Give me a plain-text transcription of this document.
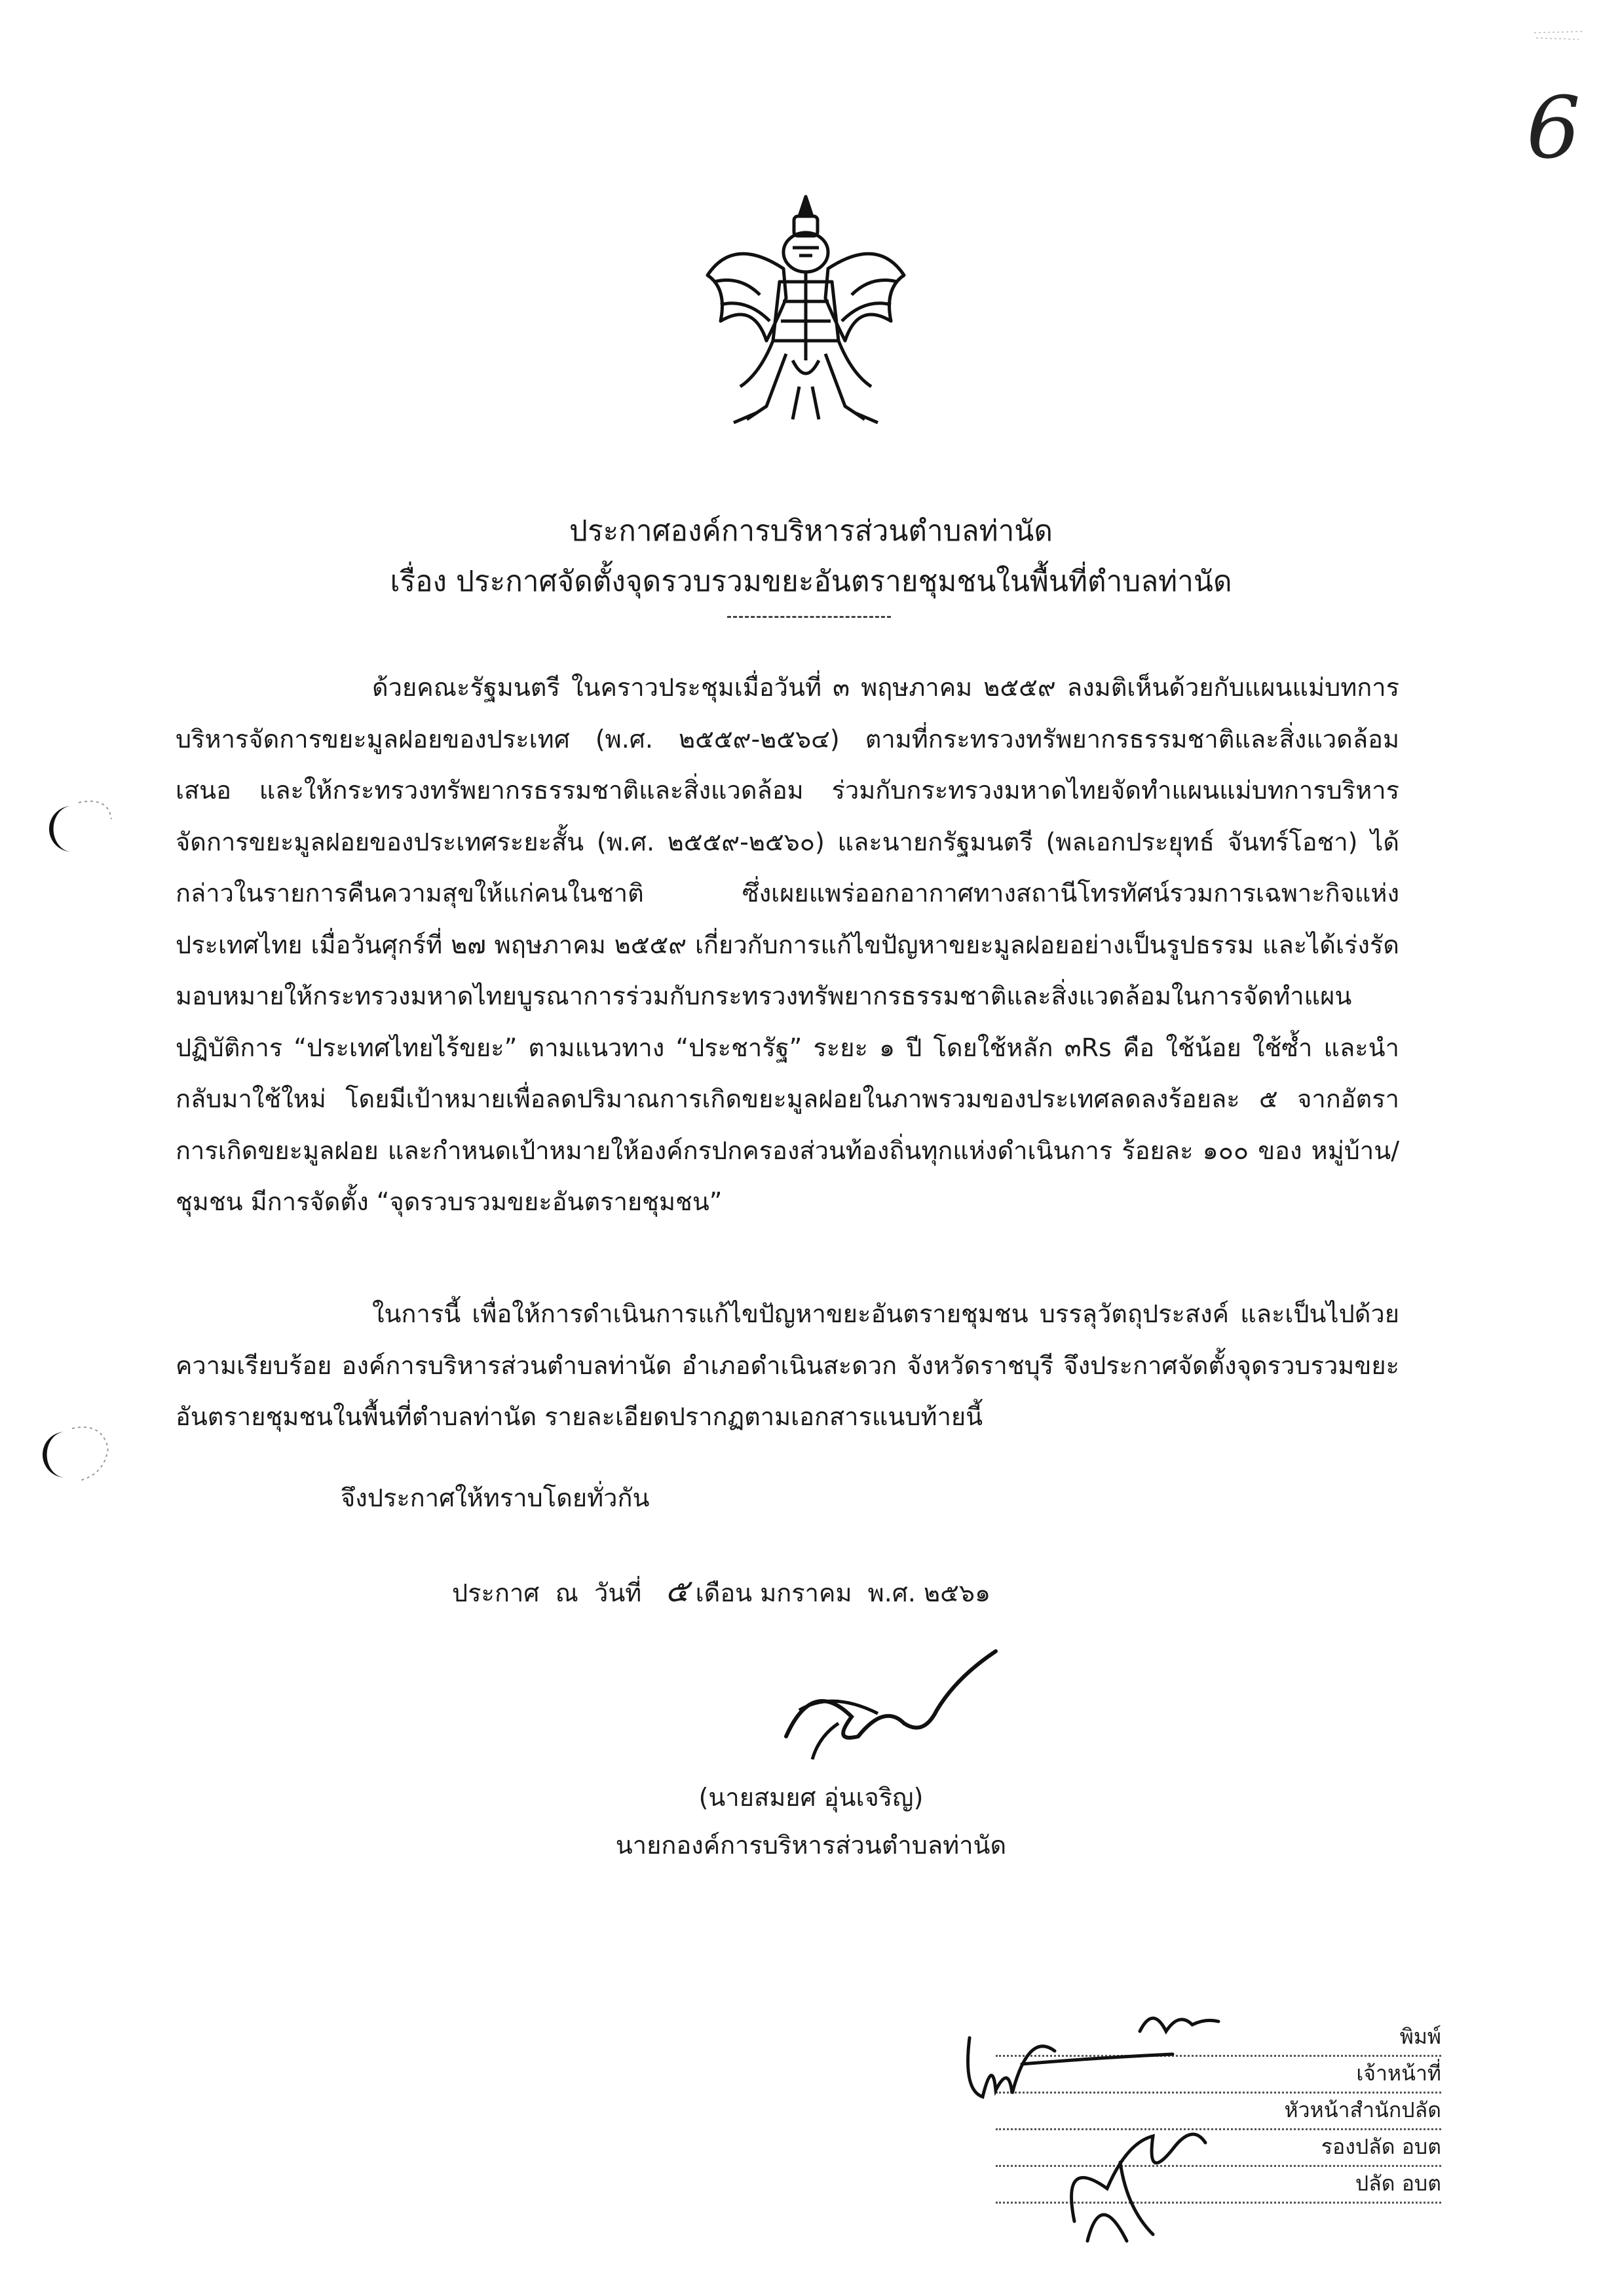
6
ประกาศองค์การบริหารส่วนตำบลท่านัด
เรื่อง ประกาศจัดตั้งจุดรวบรวมขยะอันตรายชุมชนในพื้นที่ตำบลท่านัด

ด้วยคณะรัฐมนตรี ในคราวประชุมเมื่อวันที่ ๓ พฤษภาคม ๒๕๕๙ ลงมติเห็นด้วยกับแผนแม่บทการบริหารจัดการขยะมูลฝอยของประเทศ (พ.ศ. ๒๕๕๙-๒๕๖๔) ตามที่กระทรวงทรัพยากรธรรมชาติและสิ่งแวดล้อมเสนอ และให้กระทรวงทรัพยากรธรรมชาติและสิ่งแวดล้อม ร่วมกับกระทรวงมหาดไทยจัดทำแผนแม่บทการบริหารจัดการขยะมูลฝอยของประเทศระยะสั้น (พ.ศ. ๒๕๕๙-๒๕๖๐) และนายกรัฐมนตรี (พลเอกประยุทธ์ จันทร์โอชา) ได้กล่าวในรายการคืนความสุขให้แก่คนในชาติ ซึ่งเผยแพร่ออกอากาศทางสถานีโทรทัศน์รวมการเฉพาะกิจแห่งประเทศไทย เมื่อวันศุกร์ที่ ๒๗ พฤษภาคม ๒๕๕๙ เกี่ยวกับการแก้ไขปัญหาขยะมูลฝอยอย่างเป็นรูปธรรม และได้เร่งรัดมอบหมายให้กระทรวงมหาดไทยบูรณาการร่วมกับกระทรวงทรัพยากรธรรมชาติและสิ่งแวดล้อมในการจัดทำแผนปฏิบัติการ “ประเทศไทยไร้ขยะ” ตามแนวทาง “ประชารัฐ” ระยะ ๑ ปี โดยใช้หลัก ๓Rs คือ ใช้น้อย ใช้ซ้ำ และนำกลับมาใช้ใหม่ โดยมีเป้าหมายเพื่อลดปริมาณการเกิดขยะมูลฝอยในภาพรวมของประเทศลดลงร้อยละ ๕ จากอัตราการเกิดขยะมูลฝอย และกำหนดเป้าหมายให้องค์กรปกครองส่วนท้องถิ่นทุกแห่งดำเนินการ ร้อยละ ๑๐๐ ของ หมู่บ้าน/ชุมชน มีการจัดตั้ง “จุดรวบรวมขยะอันตรายชุมชน”

ในการนี้ เพื่อให้การดำเนินการแก้ไขปัญหาขยะอันตรายชุมชน บรรลุวัตถุประสงค์ และเป็นไปด้วยความเรียบร้อย องค์การบริหารส่วนตำบลท่านัด อำเภอดำเนินสะดวก จังหวัดราชบุรี จึงประกาศจัดตั้งจุดรวบรวมขยะอันตรายชุมชนในพื้นที่ตำบลท่านัด รายละเอียดปรากฏตามเอกสารแนบท้ายนี้

จึงประกาศให้ทราบโดยทั่วกัน
ประกาศ  ณ  วันที่ ๕ เดือน มกราคม  พ.ศ. ๒๕๖๑
(นายสมยศ อุ่นเจริญ)
นายกองค์การบริหารส่วนตำบลท่านัด
พิมพ์
เจ้าหน้าที่
หัวหน้าสำนักปลัด
รองปลัด อบต
ปลัด อบต
